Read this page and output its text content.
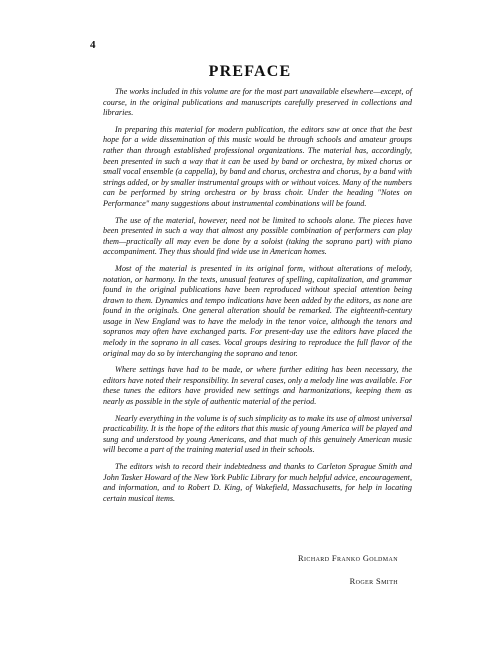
4
PREFACE

The works included in this volume are for the most part unavailable elsewhere—except, of course, in the original publications and manuscripts carefully preserved in collections and libraries.

In preparing this material for modern publication, the editors saw at once that the best hope for a wide dissemination of this music would be through schools and amateur groups rather than through established professional organizations. The material has, accordingly, been presented in such a way that it can be used by band or orchestra, by mixed chorus or small vocal ensemble (a cappella), by band and chorus, orchestra and chorus, by a band with strings added, or by smaller instrumental groups with or without voices. Many of the numbers can be performed by string orchestra or by brass choir. Under the heading "Notes on Performance" many suggestions about instrumental combinations will be found.

The use of the material, however, need not be limited to schools alone. The pieces have been presented in such a way that almost any possible combination of performers can play them—practically all may even be done by a soloist (taking the soprano part) with piano accompaniment. They thus should find wide use in American homes.

Most of the material is presented in its original form, without alterations of melody, notation, or harmony. In the texts, unusual features of spelling, capitalization, and grammar found in the original publications have been reproduced without special attention being drawn to them. Dynamics and tempo indications have been added by the editors, as none are found in the originals. One general alteration should be remarked. The eighteenth-century usage in New England was to have the melody in the tenor voice, although the tenors and sopranos may often have exchanged parts. For present-day use the editors have placed the melody in the soprano in all cases. Vocal groups desiring to reproduce the full flavor of the original may do so by interchanging the soprano and tenor.

Where settings have had to be made, or where further editing has been necessary, the editors have noted their responsibility. In several cases, only a melody line was available. For these tunes the editors have provided new settings and harmonizations, keeping them as nearly as possible in the style of authentic material of the period.

Nearly everything in the volume is of such simplicity as to make its use of almost universal practicability. It is the hope of the editors that this music of young America will be played and sung and understood by young Americans, and that much of this genuinely American music will become a part of the training material used in their schools.

The editors wish to record their indebtedness and thanks to Carleton Sprague Smith and John Tasker Howard of the New York Public Library for much helpful advice, encouragement, and information, and to Robert D. King, of Wakefield, Massachusetts, for help in locating certain musical items.

Richard Franko Goldman
Roger Smith
